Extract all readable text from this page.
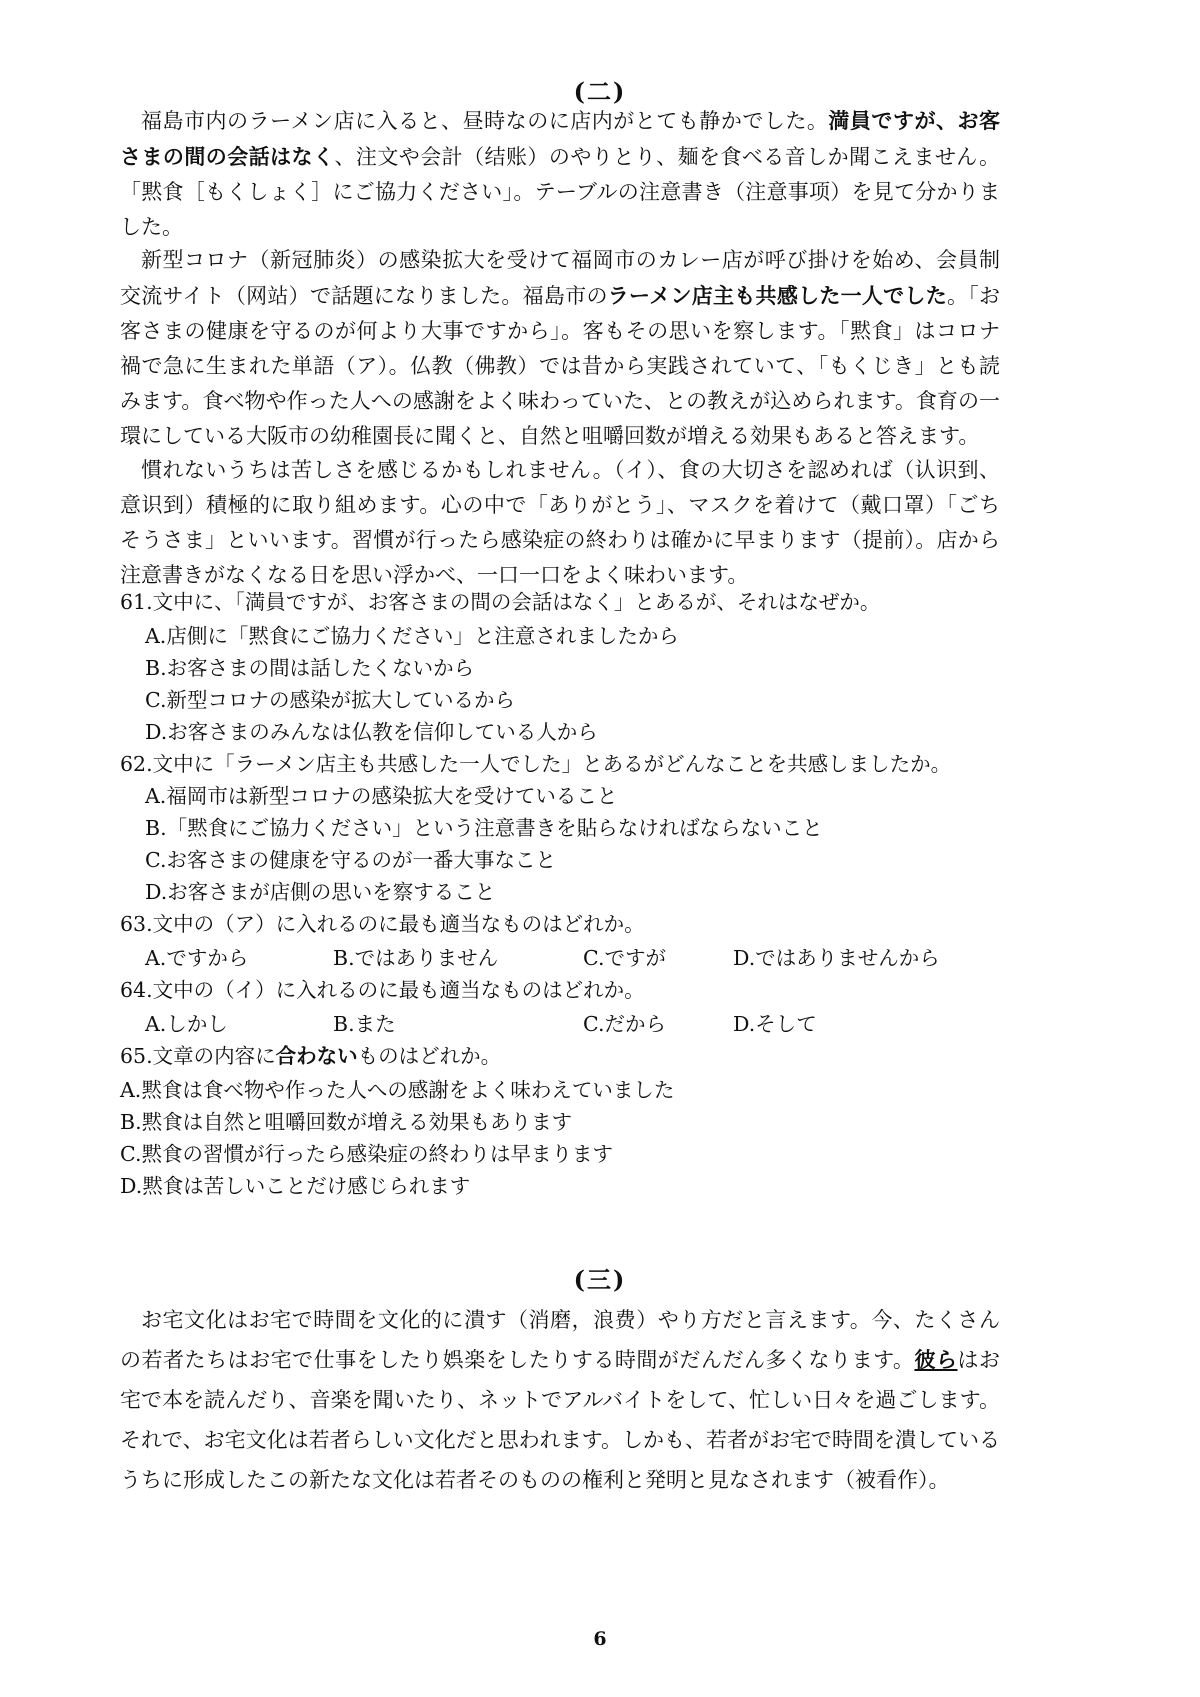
(二)

福島市内のラーメン店に入ると、昼時なのに店内がとても静かでした。満員ですが、お客さまの間の会話はなく、注文や会計（结账）のやりとり、麺を食べる音しか聞こえません。「黙食［もくしょく］にご協力ください」。テーブルの注意書き（注意事项）を見て分かりました。

新型コロナ（新冠肺炎）の感染拡大を受けて福岡市のカレー店が呼び掛けを始め、会員制交流サイト（网站）で話題になりました。福島市のラーメン店主も共感した一人でした。「お客さまの健康を守るのが何より大事ですから」。客もその思いを察します。「黙食」はコロナ禍で急に生まれた単語（ア）。仏教（佛教）では昔から実践されていて、「もくじき」とも読みます。食べ物や作った人への感謝をよく味わっていた、との教えが込められます。食育の一環にしている大阪市の幼稚園長に聞くと、自然と咀嚼回数が増える効果もあると答えます。

慣れないうちは苦しさを感じるかもしれません。（イ）、食の大切さを認めれば（认识到、意识到）積極的に取り組めます。心の中で「ありがとう」、マスクを着けて（戴口罩）「ごちそうさま」といいます。習慣が行ったら感染症の終わりは確かに早まります（提前）。店から注意書きがなくなる日を思い浮かべ、一口一口をよく味わいます。

61.文中に、「満員ですが、お客さまの間の会話はなく」とあるが、それはなぜか。
A.店側に「黙食にご協力ください」と注意されましたから
B.お客さまの間は話したくないから
C.新型コロナの感染が拡大しているから
D.お客さまのみんなは仏教を信仰している人から
62.文中に「ラーメン店主も共感した一人でした」とあるがどんなことを共感しましたか。
A.福岡市は新型コロナの感染拡大を受けていること
B.「黙食にご協力ください」という注意書きを貼らなければならないこと
C.お客さまの健康を守るのが一番大事なこと
D.お客さまが店側の思いを察すること
63.文中の（ア）に入れるのに最も適当なものはどれか。
A.ですから	B.ではありません	C.ですが	D.ではありませんから
64.文中の（イ）に入れるのに最も適当なものはどれか。
A.しかし	B.また	C.だから	D.そして
65.文章の内容に合わないものはどれか。
A.黙食は食べ物や作った人への感謝をよく味わえていました
B.黙食は自然と咀嚼回数が増える効果もあります
C.黙食の習慣が行ったら感染症の終わりは早まります
D.黙食は苦しいことだけ感じられます
(三)

お宅文化はお宅で時間を文化的に潰す（消磨，浪费）やり方だと言えます。今、たくさんの若者たちはお宅で仕事をしたり娯楽をしたりする時間がだんだん多くなります。彼らはお宅で本を読んだり、音楽を聞いたり、ネットでアルバイトをして、忙しい日々を過ごします。それで、お宅文化は若者らしい文化だと思われます。しかも、若者がお宅で時間を潰しているうちに形成したこの新たな文化は若者そのものの権利と発明と見なされます（被看作）。

6
